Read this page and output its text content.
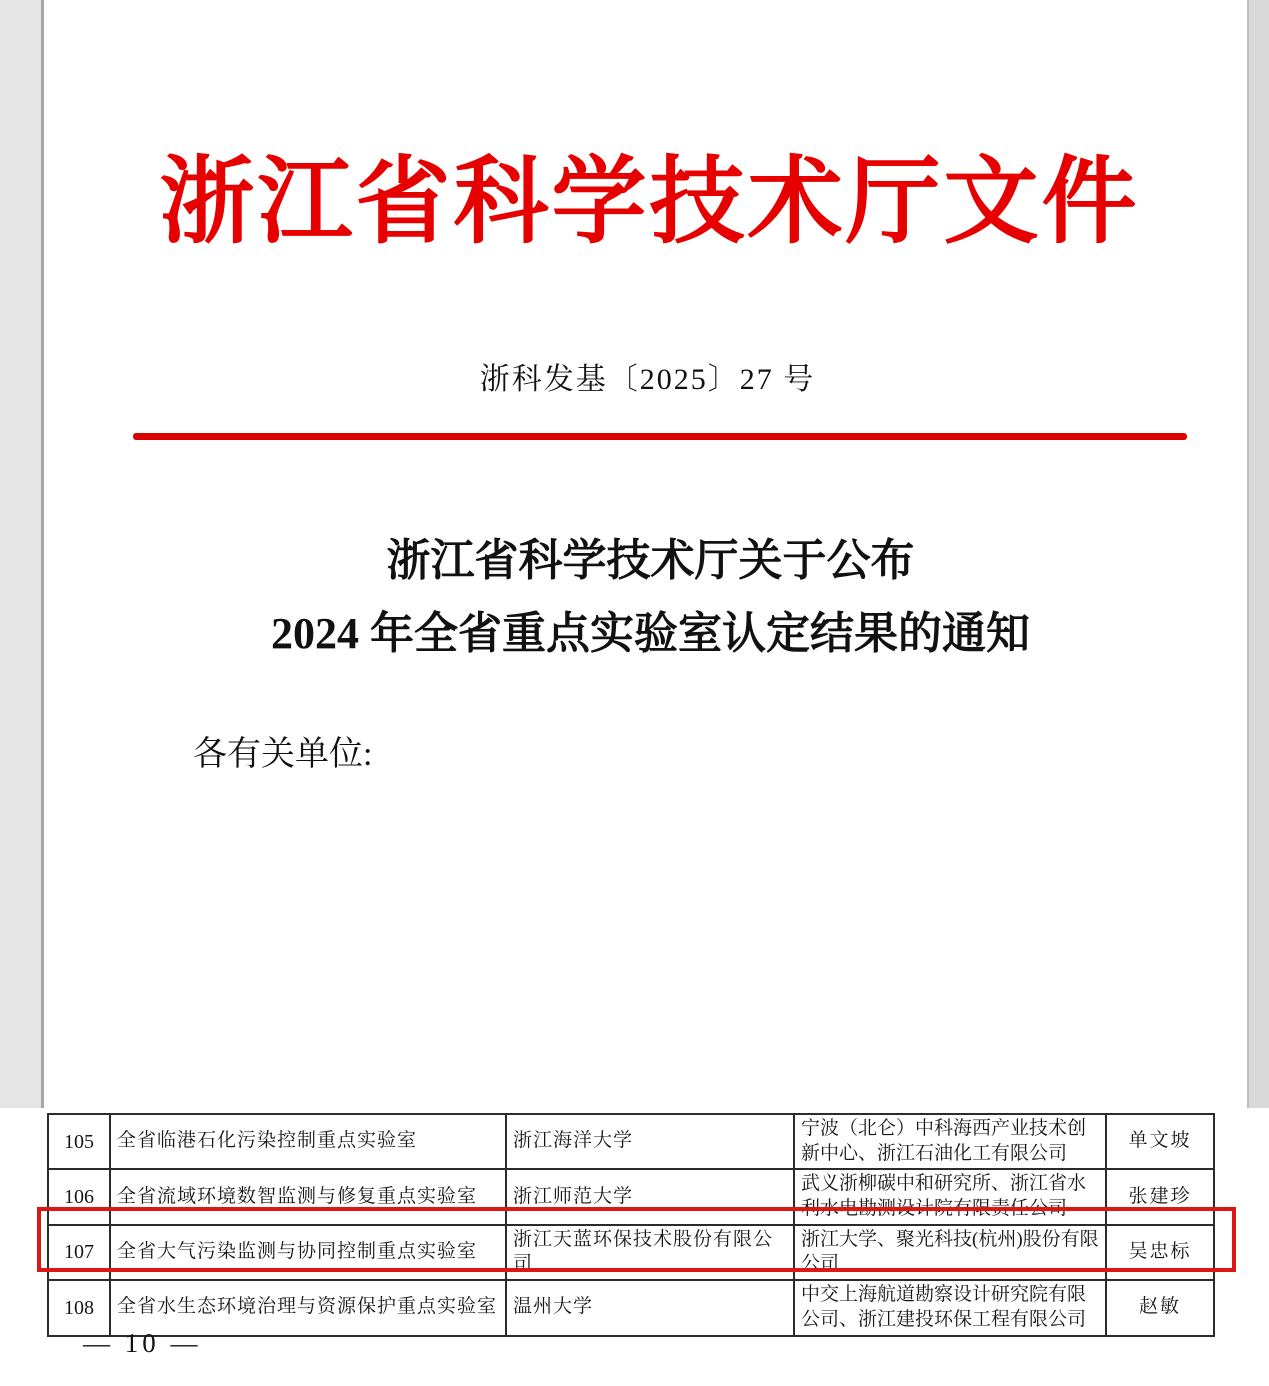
浙江省科学技术厅文件
浙科发基〔2025〕27 号
浙江省科学技术厅关于公布
2024 年全省重点实验室认定结果的通知
各有关单位:
105	全省临港石化污染控制重点实验室	浙江海洋大学	宁波（北仑）中科海西产业技术创新中心、浙江石油化工有限公司	单文坡
106	全省流域环境数智监测与修复重点实验室	浙江师范大学	武义浙柳碳中和研究所、浙江省水利水电勘测设计院有限责任公司	张建珍
107	全省大气污染监测与协同控制重点实验室	浙江天蓝环保技术股份有限公司	浙江大学、聚光科技(杭州)股份有限公司	吴忠标
108	全省水生态环境治理与资源保护重点实验室	温州大学	中交上海航道勘察设计研究院有限公司、浙江建投环保工程有限公司	赵敏
— 10 —
